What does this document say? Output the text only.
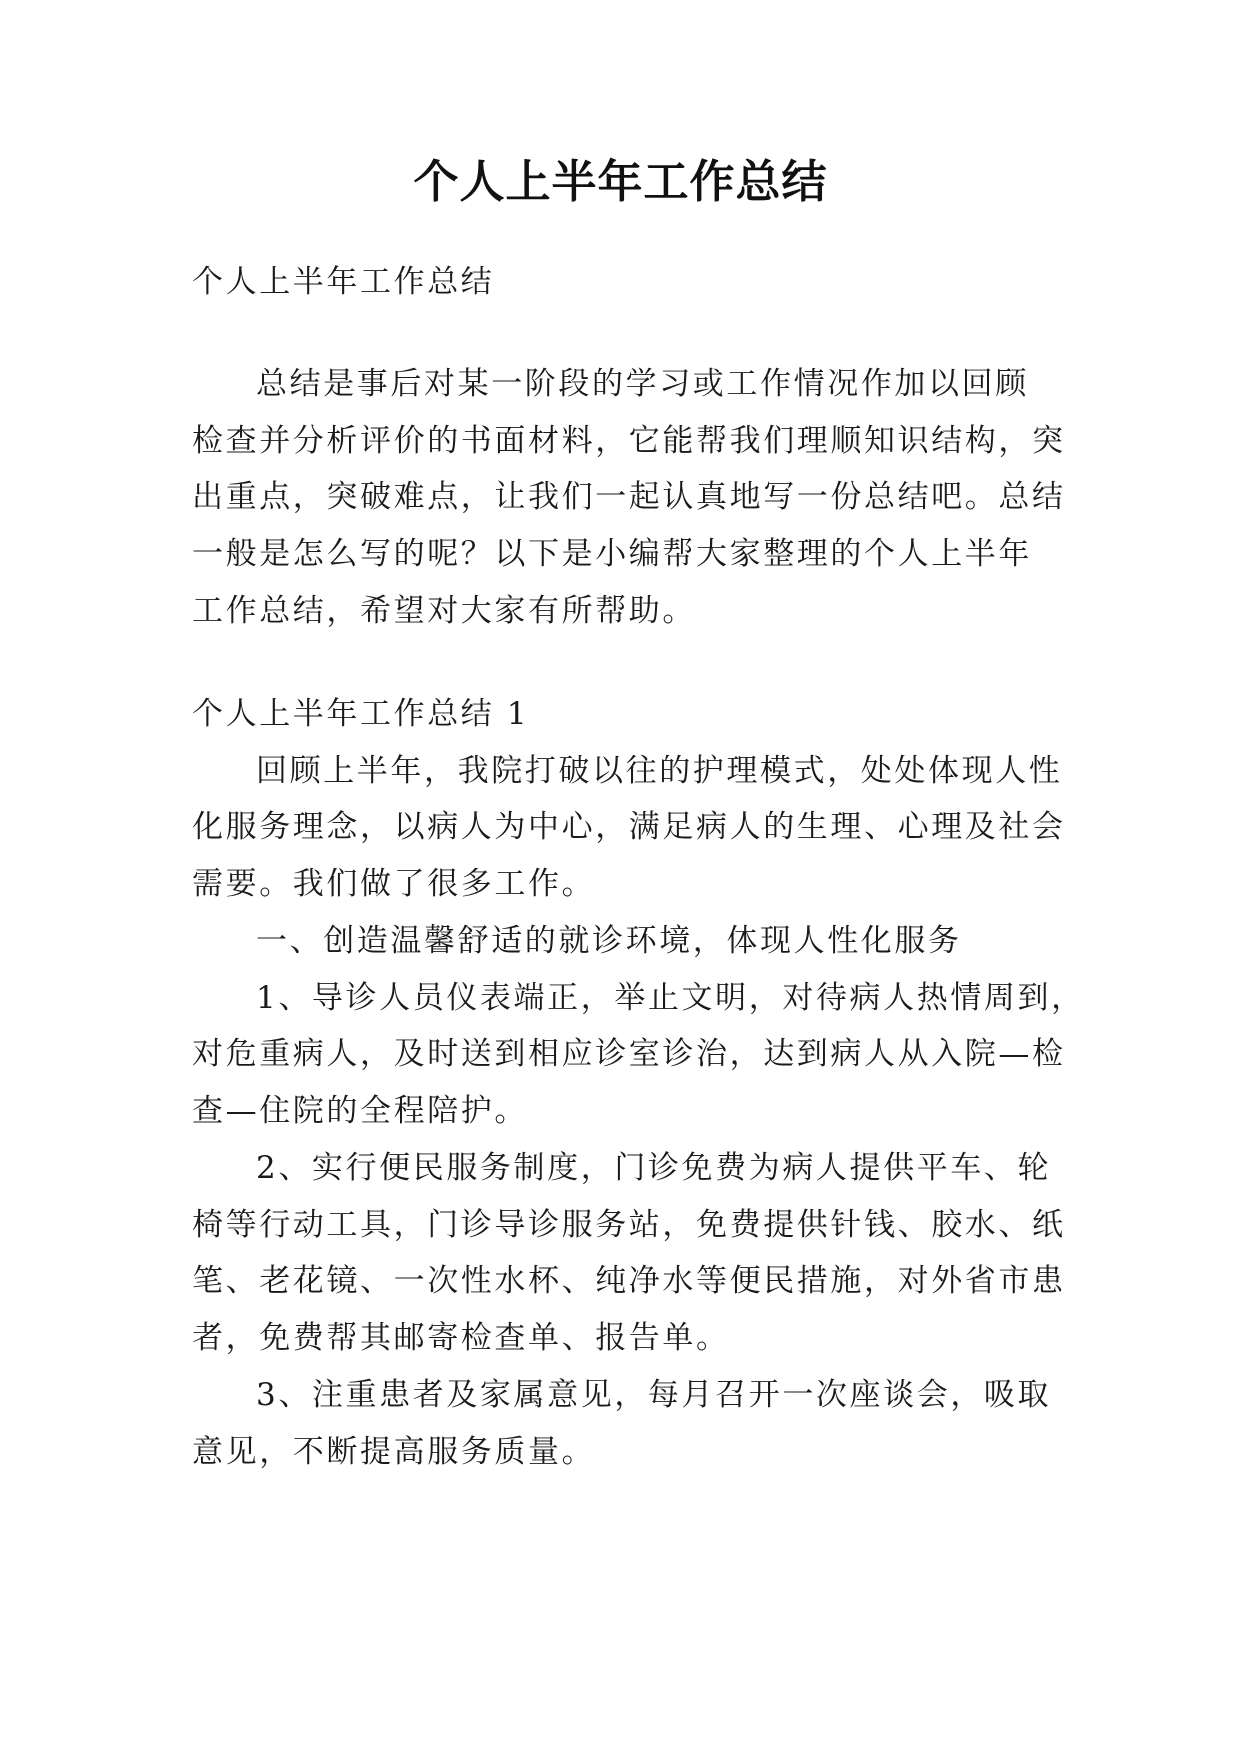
个人上半年工作总结
个人上半年工作总结
总结是事后对某一阶段的学习或工作情况作加以回顾
检查并分析评价的书面材料，它能帮我们理顺知识结构，突
出重点，突破难点，让我们一起认真地写一份总结吧。总结
一般是怎么写的呢？以下是小编帮大家整理的个人上半年
工作总结，希望对大家有所帮助。
个人上半年工作总结 1
回顾上半年，我院打破以往的护理模式，处处体现人性
化服务理念，以病人为中心，满足病人的生理、心理及社会
需要。我们做了很多工作。
一、创造温馨舒适的就诊环境，体现人性化服务
1、导诊人员仪表端正，举止文明，对待病人热情周到，
对危重病人，及时送到相应诊室诊治，达到病人从入院—检
查—住院的全程陪护。
2、实行便民服务制度，门诊免费为病人提供平车、轮
椅等行动工具，门诊导诊服务站，免费提供针钱、胶水、纸
笔、老花镜、一次性水杯、纯净水等便民措施，对外省市患
者，免费帮其邮寄检查单、报告单。
3、注重患者及家属意见，每月召开一次座谈会，吸取
意见，不断提高服务质量。
